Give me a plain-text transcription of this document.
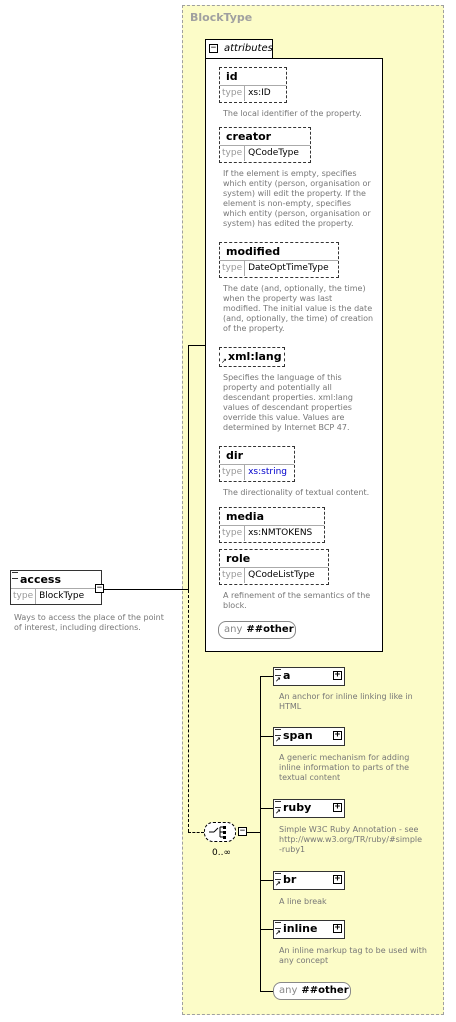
BlockType
attributes
−
id
type xs:ID
The local identifier of the property.
creator
type QCodeType
If the element is empty, specifies
which entity (person, organisation or
system) will edit the property. If the
element is non-empty, specifies
which entity (person, organisation or
system) has edited the property.
modified
type DateOptTimeType
The date (and, optionally, the time)
when the property was last
modified. The initial value is the date
(and, optionally, the time) of creation
of the property.
xml:lang
↗
Specifies the language of this
property and potentially all
descendant properties. xml:lang
values of descendant properties
override this value. Values are
determined by Internet BCP 47.
dir
type xs:string
The directionality of textual content.
media
type xs:NMTOKENS
role
type QCodeListType
A refinement of the semantics of the
block.
any ##other
access
type BlockType
−
Ways to access the place of the point
of interest, including directions.
−
0..∞
a
↗	+
An anchor for inline linking like in
HTML
span
↗	+
A generic mechanism for adding
inline information to parts of the
textual content
ruby
↗	+
Simple W3C Ruby Annotation - see
http://www.w3.org/TR/ruby/#simple
-ruby1
br
↗	+
A line break
inline
↗	+
An inline markup tag to be used with
any concept
any ##other
